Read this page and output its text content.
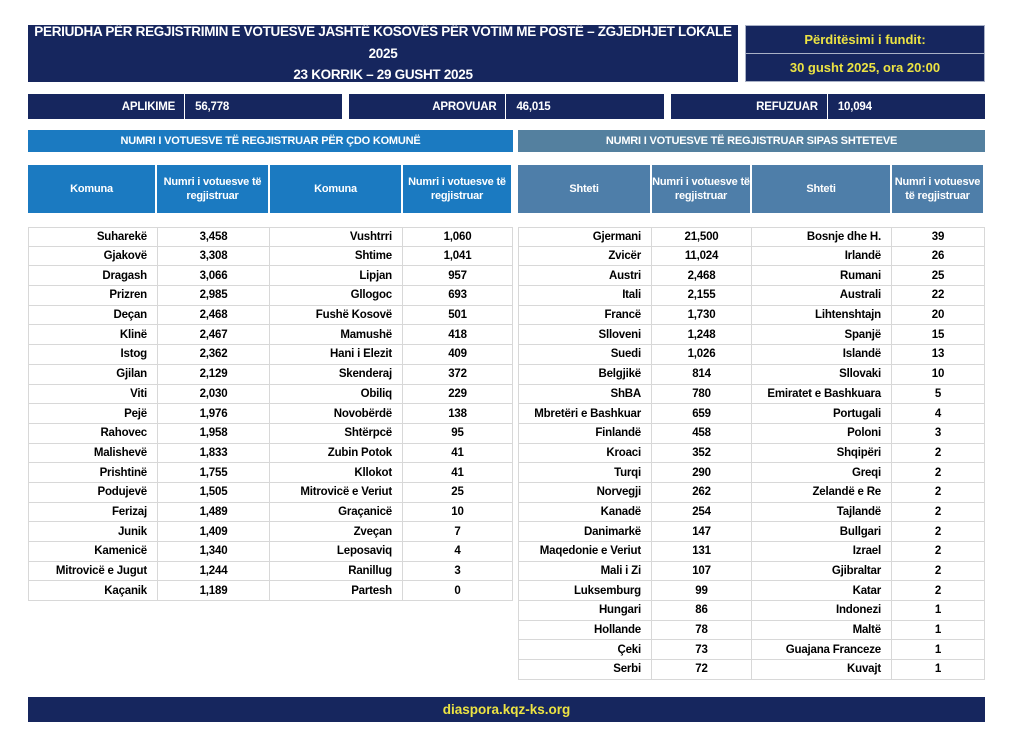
PERIUDHA PËR REGJISTRIMIN E VOTUESVE JASHTË KOSOVËS PËR VOTIM ME POSTË – ZGJEDHJET LOKALE 2025
23 KORRIK – 29 GUSHT 2025
Përditësimi i fundit:
30 gusht 2025, ora 20:00
APLIKIME	56,778	APROVUAR	46,015	REFUZUAR	10,094
NUMRI I VOTUESVE TË REGJISTRUAR PËR ÇDO KOMUNË	NUMRI I VOTUESVE TË REGJISTRUAR SIPAS SHTETEVE
Komuna
Numri i votuesve të regjistruar
Suharekë	3,458
Gjakovë	3,308
Dragash	3,066
Prizren	2,985
Deçan	2,468
Klinë	2,467
Istog	2,362
Gjilan	2,129
Viti	2,030
Pejë	1,976
Rahovec	1,958
Malishevë	1,833
Prishtinë	1,755
Podujevë	1,505
Ferizaj	1,489
Junik	1,409
Kamenicë	1,340
Mitrovicë e Jugut	1,244
Kaçanik	1,189
Komuna
Numri i votuesve të regjistruar
Vushtrri	1,060
Shtime	1,041
Lipjan	957
Gllogoc	693
Fushë Kosovë	501
Mamushë	418
Hani i Elezit	409
Skenderaj	372
Obiliq	229
Novobërdë	138
Shtërpcë	95
Zubin Potok	41
Kllokot	41
Mitrovicë e Veriut	25
Graçanicë	10
Zveçan	7
Leposaviq	4
Ranillug	3
Partesh	0
Shteti
Numri i votuesve të regjistruar
Gjermani	21,500
Zvicër	11,024
Austri	2,468
Itali	2,155
Francë	1,730
Slloveni	1,248
Suedi	1,026
Belgjikë	814
ShBA	780
Mbretëri e Bashkuar	659
Finlandë	458
Kroaci	352
Turqi	290
Norvegji	262
Kanadë	254
Danimarkë	147
Maqedonie e Veriut	131
Mali i Zi	107
Luksemburg	99
Hungari	86
Hollande	78
Çeki	73
Serbi	72
Shteti
Numri i votuesve të regjistruar
Bosnje dhe H.	39
Irlandë	26
Rumani	25
Australi	22
Lihtenshtajn	20
Spanjë	15
Islandë	13
Sllovaki	10
Emiratet e Bashkuara	5
Portugali	4
Poloni	3
Shqipëri	2
Greqi	2
Zelandë e Re	2
Tajlandë	2
Bullgari	2
Izrael	2
Gjibraltar	2
Katar	2
Indonezi	1
Maltë	1
Guajana Franceze	1
Kuvajt	1
diaspora.kqz-ks.org
